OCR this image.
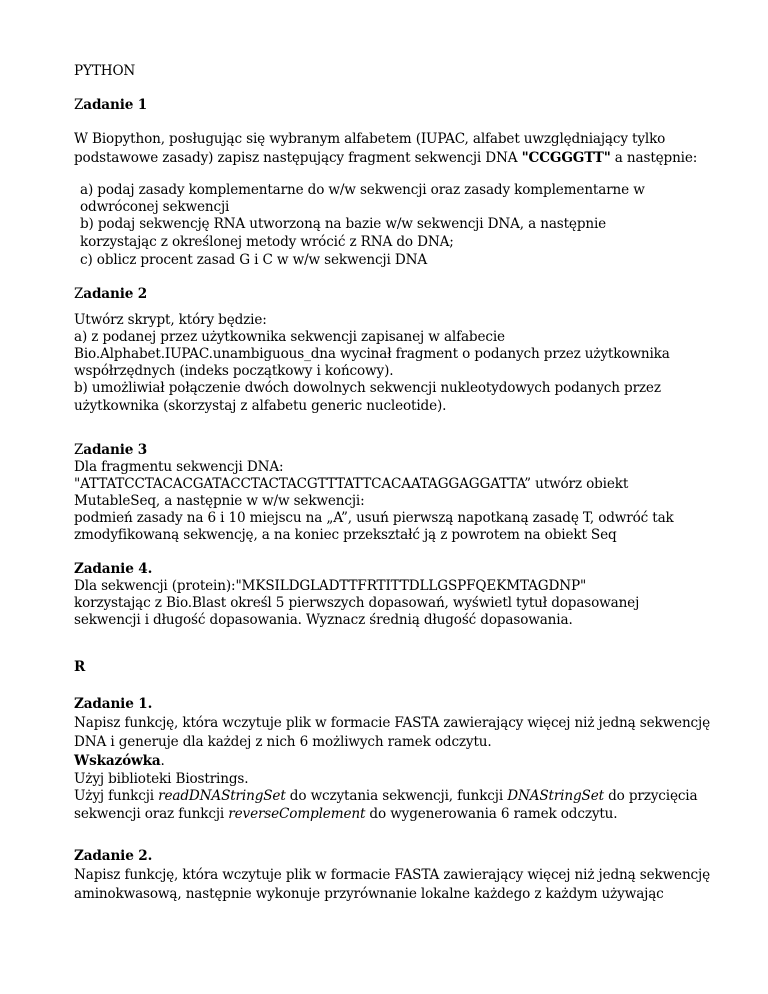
PYTHON
Zadanie 1
W Biopython, posługując się wybranym alfabetem (IUPAC, alfabet uwzględniający tylko
podstawowe zasady) zapisz następujący fragment sekwencji DNA "CCGGGTT" a następnie:
a) podaj zasady komplementarne do w/w sekwencji oraz zasady komplementarne w
odwróconej sekwencji
b) podaj sekwencję RNA utworzoną na bazie w/w sekwencji DNA, a następnie
korzystając z określonej metody wrócić z RNA do DNA;
c) oblicz procent zasad G i C w w/w sekwencji DNA
Zadanie 2
Utwórz skrypt, który będzie:
a) z podanej przez użytkownika sekwencji zapisanej w alfabecie
Bio.Alphabet.IUPAC.unambiguous_dna wycinał fragment o podanych przez użytkownika
współrzędnych (indeks początkowy i końcowy).
b) umożliwiał połączenie dwóch dowolnych sekwencji nukleotydowych podanych przez
użytkownika (skorzystaj z alfabetu generic nucleotide).
Zadanie 3
Dla fragmentu sekwencji DNA:
"ATTATCCTACACGATACCTACTACGTTTATTCACAATAGGAGGATTA” utwórz obiekt
MutableSeq, a następnie w w/w sekwencji:
podmień zasady na 6 i 10 miejscu na „A”, usuń pierwszą napotkaną zasadę T, odwróć tak
zmodyfikowaną sekwencję, a na koniec przekształć ją z powrotem na obiekt Seq
Zadanie 4.
Dla sekwencji (protein):"MKSILDGLADTTFRTITTDLLGSPFQEKMTAGDNP"
korzystając z Bio.Blast określ 5 pierwszych dopasowań, wyświetl tytuł dopasowanej
sekwencji i długość dopasowania. Wyznacz średnią długość dopasowania.
R
Zadanie 1.
Napisz funkcję, która wczytuje plik w formacie FASTA zawierający więcej niż jedną sekwencję
DNA i generuje dla każdej z nich 6 możliwych ramek odczytu.
Wskazówka.
Użyj biblioteki Biostrings.
Użyj funkcji readDNAStringSet do wczytania sekwencji, funkcji DNAStringSet do przycięcia
sekwencji oraz funkcji reverseComplement do wygenerowania 6 ramek odczytu.
Zadanie 2.
Napisz funkcję, która wczytuje plik w formacie FASTA zawierający więcej niż jedną sekwencję
aminokwasową, następnie wykonuje przyrównanie lokalne każdego z każdym używając
